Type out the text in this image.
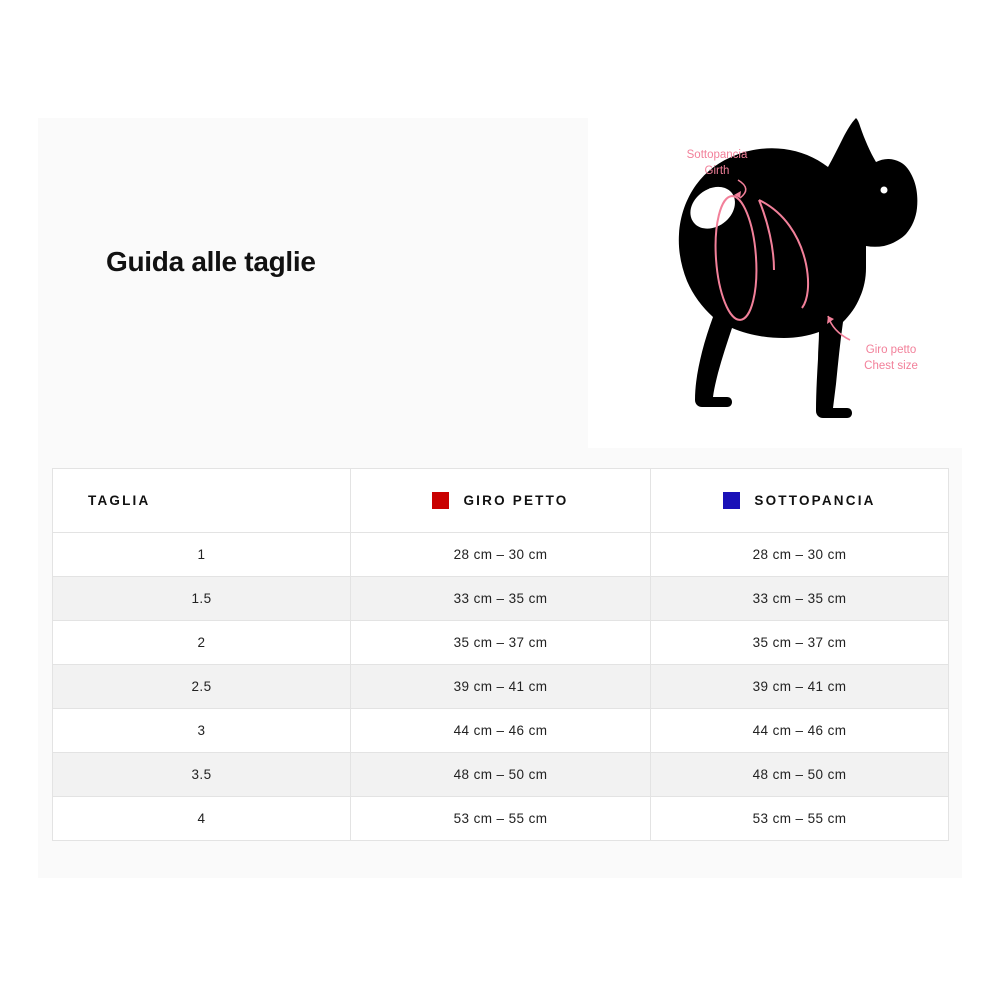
Guida alle taglie
Sottopancia
Girth
Giro petto
Chest size
TAGLIA	GIRO PETTO	SOTTOPANCIA

1	28 cm – 30 cm	28 cm – 30 cm
1.5	33 cm – 35 cm	33 cm – 35 cm
2	35 cm – 37 cm	35 cm – 37 cm
2.5	39 cm – 41 cm	39 cm – 41 cm
3	44 cm – 46 cm	44 cm – 46 cm
3.5	48 cm – 50 cm	48 cm – 50 cm
4	53 cm – 55 cm	53 cm – 55 cm
